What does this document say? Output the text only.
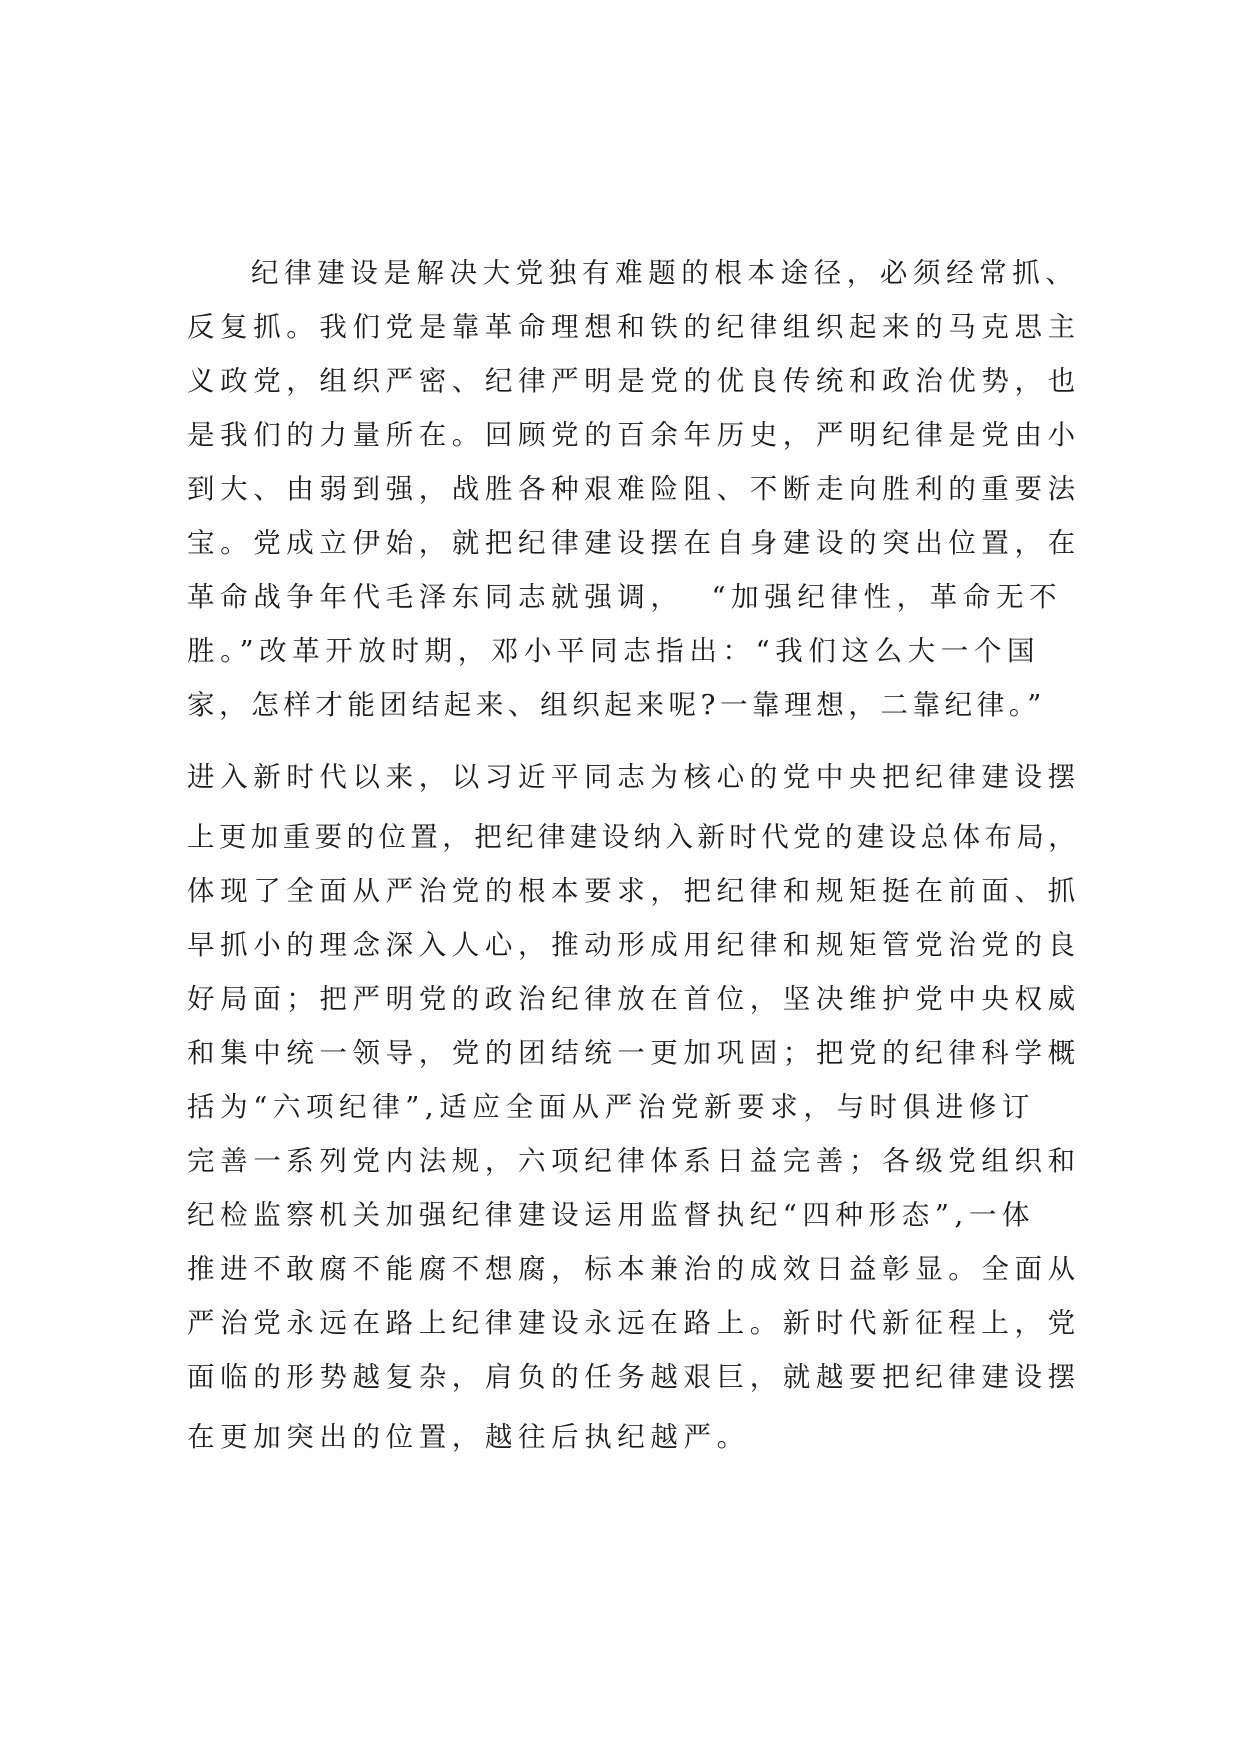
纪律建设是解决大党独有难题的根本途径，必须经常抓、
反复抓。我们党是靠革命理想和铁的纪律组织起来的马克思主
义政党，组织严密、纪律严明是党的优良传统和政治优势，也
是我们的力量所在。回顾党的百余年历史，严明纪律是党由小
到大、由弱到强，战胜各种艰难险阻、不断走向胜利的重要法
宝。党成立伊始，就把纪律建设摆在自身建设的突出位置，在
革命战争年代毛泽东同志就强调， “加强纪律性，革命无不
胜。”改革开放时期，邓小平同志指出：“我们这么大一个国
家，怎样才能团结起来、组织起来呢?一靠理想，二靠纪律。”
进入新时代以来，以习近平同志为核心的党中央把纪律建设摆
上更加重要的位置，把纪律建设纳入新时代党的建设总体布局，
体现了全面从严治党的根本要求，把纪律和规矩挺在前面、抓
早抓小的理念深入人心，推动形成用纪律和规矩管党治党的良
好局面；把严明党的政治纪律放在首位，坚决维护党中央权威
和集中统一领导，党的团结统一更加巩固；把党的纪律科学概
括为“六项纪律”,适应全面从严治党新要求，与时俱进修订
完善一系列党内法规，六项纪律体系日益完善；各级党组织和
纪检监察机关加强纪律建设运用监督执纪“四种形态”,一体
推进不敢腐不能腐不想腐，标本兼治的成效日益彰显。全面从
严治党永远在路上纪律建设永远在路上。新时代新征程上，党
面临的形势越复杂，肩负的任务越艰巨，就越要把纪律建设摆
在更加突出的位置，越往后执纪越严。
